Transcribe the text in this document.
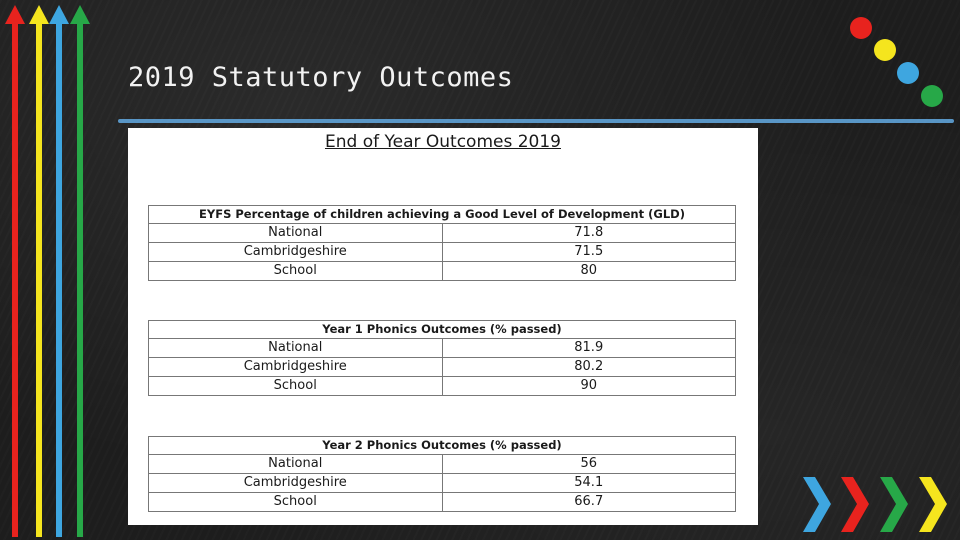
2019 Statutory Outcomes
End of Year Outcomes 2019
EYFS Percentage of children achieving a Good Level of Development (GLD)	
National	71.8
Cambridgeshire	71.5
School	80
Year 1 Phonics Outcomes (% passed)	
National	81.9
Cambridgeshire	80.2
School	90
Year 2 Phonics Outcomes (% passed)	
National	56
Cambridgeshire	54.1
School	66.7
